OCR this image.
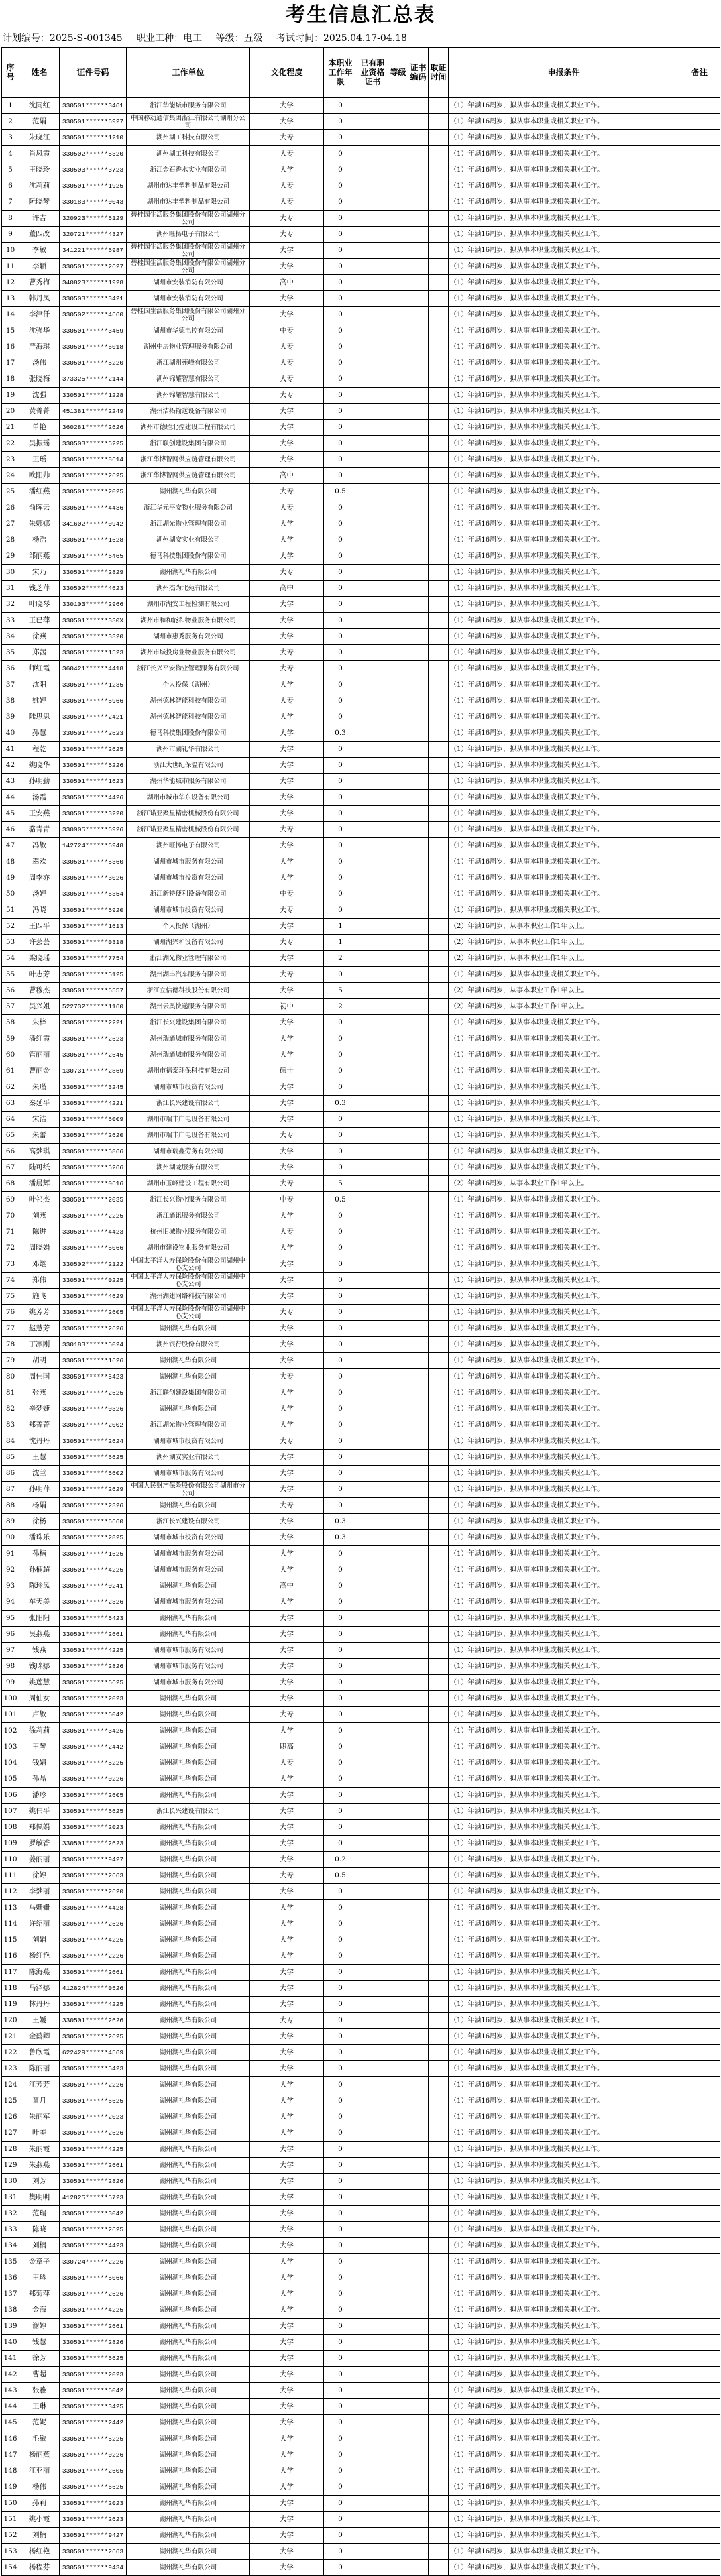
考生信息汇总表
计划编号：2025-S-001345 职业工种：电工 等级：五级 考试时间：2025.04.17-04.18
序号	姓名	证件号码	工作单位	文化程度	本职业工作年限	已有职业资格证书	等级	证书编码	取证时间	申报条件	备注
1	沈同红	330501******3461	浙江华能城市服务有限公司	大学	0					（1）年满16周岁，拟从事本职业或相关职业工作。	
2	范娟	330501******6927	中国移动通信集团浙江有限公司湖州分公司	大学	0					（1）年满16周岁，拟从事本职业或相关职业工作。	
3	朱晓江	330501******1210	湖州湖工科技有限公司	大专	0					（1）年满16周岁，拟从事本职业或相关职业工作。	
4	肖凤霞	330502******5320	湖州湖工科技有限公司	大专	0					（1）年满16周岁，拟从事本职业或相关职业工作。	
5	王晓玲	330503******3723	浙江金石香水实业有限公司	大学	0					（1）年满16周岁，拟从事本职业或相关职业工作。	
6	沈莉莉	330501******1925	湖州市达丰塑料制品有限公司	大专	0					（1）年满16周岁，拟从事本职业或相关职业工作。	
7	阮晓琴	330183******0043	湖州市达丰塑料制品有限公司	大专	0					（1）年满16周岁，拟从事本职业或相关职业工作。	
8	许吉	320923******5129	碧桂园生活服务集团股份有限公司湖州分公司	大专	0					（1）年满16周岁，拟从事本职业或相关职业工作。	
9	董四改	320721******4327	湖州旺扬电子有限公司	大专	0					（1）年满16周岁，拟从事本职业或相关职业工作。	
10	李敏	341221******6987	碧桂园生活服务集团股份有限公司湖州分公司	大学	0					（1）年满16周岁，拟从事本职业或相关职业工作。	
11	李颖	330501******2627	碧桂园生活服务集团股份有限公司湖州分公司	大学	0					（1）年满16周岁，拟从事本职业或相关职业工作。	
12	曹秀梅	340823******1928	湖州市安装消防有限公司	高中	0					（1）年满16周岁，拟从事本职业或相关职业工作。	
13	韩丹凤	330503******3421	湖州市安装消防有限公司	大学	0					（1）年满16周岁，拟从事本职业或相关职业工作。	
14	李津仟	330502******4660	碧桂园生活服务集团股份有限公司湖州分公司	大学	0					（1）年满16周岁，拟从事本职业或相关职业工作。	
15	沈强华	330501******3459	湖州市华德电控有限公司	中专	0					（1）年满16周岁，拟从事本职业或相关职业工作。	
16	严海琪	330501******6018	湖州中房物业管理服务有限公司	大专	0					（1）年满16周岁，拟从事本职业或相关职业工作。	
17	汤伟	330501******5220	浙江湖州苑峰有限公司	大专	0					（1）年满16周岁，拟从事本职业或相关职业工作。	
18	张晓梅	373325******2144	湖州锦耀智慧有限公司	大专	0					（1）年满16周岁，拟从事本职业或相关职业工作。	
19	沈强	330501******1228	湖州锦耀智慧有限公司	大专	0					（1）年满16周岁，拟从事本职业或相关职业工作。	
20	黄菁菁	451381******2249	湖州洁拓输送设备有限公司	大学	0					（1）年满16周岁，拟从事本职业或相关职业工作。	
21	单艳	360281******2626	湖州市德胜北控建设工程有限公司	大学	0					（1）年满16周岁，拟从事本职业或相关职业工作。	
22	吴振瑶	330503******6225	浙江联创建设集团有限公司	大学	0					（1）年满16周岁，拟从事本职业或相关职业工作。	
23	王瑶	330501******8614	浙江华博智网供应链管理有限公司	大学	0					（1）年满16周岁，拟从事本职业或相关职业工作。	
24	欧阳帅	330501******2625	浙江华博智网供应链管理有限公司	高中	0					（1）年满16周岁，拟从事本职业或相关职业工作。	
25	潘红燕	330501******2025	湖州湖礼华有限公司	大专	0.5					（1）年满16周岁，拟从事本职业或相关职业工作。	
26	俞晖云	330501******4436	浙江华元平安物业服务有限公司	大专	0					（1）年满16周岁，拟从事本职业或相关职业工作。	
27	朱娜娜	341602******0942	浙江湖光物业管理有限公司	大学	0					（1）年满16周岁，拟从事本职业或相关职业工作。	
28	杨浩	330501******1628	湖州湖安实业有限公司	大学	0					（1）年满16周岁，拟从事本职业或相关职业工作。	
29	邹丽燕	330501******6465	德马科技集团股份有限公司	大学	0					（1）年满16周岁，拟从事本职业或相关职业工作。	
30	宋乃	330501******2829	湖州湖礼华有限公司	大专	0					（1）年满16周岁，拟从事本职业或相关职业工作。	
31	钱芝萍	330502******4623	湖州杰为北苑有限公司	高中	0					（1）年满16周岁，拟从事本职业或相关职业工作。	
32	叶晓琴	330103******2966	湖州市湖安工程检测有限公司	大学	0					（1）年满16周岁，拟从事本职业或相关职业工作。	
33	王已萍	330501******330X	湖州市和和能和物业服务有限公司	大学	0					（1）年满16周岁，拟从事本职业或相关职业工作。	
34	徐燕	330501******3320	湖州市惠秀服务有限公司	大学	0					（1）年满16周岁，拟从事本职业或相关职业工作。	
35	郑茜	330501******1523	湖州市城投房业物业服务有限公司	大专	0					（1）年满16周岁，拟从事本职业或相关职业工作。	
36	师红霞	360421******4418	浙江长兴平安物业管理服务有限公司	大专	0					（1）年满16周岁，拟从事本职业或相关职业工作。	
37	沈阳	330501******1235	个人投保（湖州）	大学	0					（1）年满16周岁，拟从事本职业或相关职业工作。	
38	姚婷	330501******5966	湖州德林智能科技有限公司	大专	0					（1）年满16周岁，拟从事本职业或相关职业工作。	
39	陆思思	330501******2421	湖州德林智能科技有限公司	大学	0					（1）年满16周岁，拟从事本职业或相关职业工作。	
40	孙慧	330501******2623	德马科技集团股份有限公司	大学	0.3					（1）年满16周岁，拟从事本职业或相关职业工作。	
41	程乾	330501******2625	湖州市湖礼华有限公司	大学	0					（1）年满16周岁，拟从事本职业或相关职业工作。	
42	姚晓华	330501******5226	浙江大世纪保温有限公司	大学	0					（1）年满16周岁，拟从事本职业或相关职业工作。	
43	孙明勤	330501******1623	湖州华能城市服务有限公司	大学	0					（1）年满16周岁，拟从事本职业或相关职业工作。	
44	汤霞	330501******4426	湖州市城市华东设备有限公司	大学	0					（1）年满16周岁，拟从事本职业或相关职业工作。	
45	王安燕	330501******3220	浙江诺亚聚星精密机械股份有限公司	大学	0					（1）年满16周岁，拟从事本职业或相关职业工作。	
46	骆青青	330905******6926	浙江诺亚聚星精密机械股份有限公司	大专	0					（1）年满16周岁，拟从事本职业或相关职业工作。	
47	冯敏	142724******6948	湖州旺扬电子有限公司	大学	0					（1）年满16周岁，拟从事本职业或相关职业工作。	
48	翠欢	330501******5360	湖州市城市服务有限公司	大学	0					（1）年满16周岁，拟从事本职业或相关职业工作。	
49	周李亦	330501******3026	湖州市城市投资有限公司	大学	0					（1）年满16周岁，拟从事本职业或相关职业工作。	
50	汤婷	330501******6354	浙江新特便利设备有限公司	中专	0					（1）年满16周岁，拟从事本职业或相关职业工作。	
51	冯晓	330501******6920	湖州市城市投资有限公司	大专	0					（1）年满16周岁，拟从事本职业或相关职业工作。	
52	王四平	330501******1613	个人投保（湖州）	大学	1					（2）年满16周岁，从事本职业工作1年以上。	
53	许芸芸	330501******0318	湖州湖兴和设备有限公司	大专	1					（2）年满16周岁，从事本职业工作1年以上。	
54	梁晓瑶	330501******7754	浙江湖光物业管理有限公司	大学	2					（2）年满16周岁，从事本职业工作1年以上。	
55	叶志芳	330501******5125	湖州湖丰汽车服务有限公司	大专	0					（1）年满16周岁，拟从事本职业或相关职业工作。	
56	曹穆杰	330501******6557	浙江立信德科技股份有限公司	大学	5					（2）年满16周岁，从事本职业工作1年以上。	
57	吴兴姐	522732******1160	湖州云奥快递服务有限公司	初中	2					（2）年满16周岁，从事本职业工作1年以上。	
58	朱梓	330501******2221	浙江长兴建设集团有限公司	大学	0					（1）年满16周岁，拟从事本职业或相关职业工作。	
59	潘红霞	330501******2623	湖州瑞通城市服务有限公司	大学	0					（1）年满16周岁，拟从事本职业或相关职业工作。	
60	管丽丽	330501******2645	湖州瑞通城市服务有限公司	大学	0					（1）年满16周岁，拟从事本职业或相关职业工作。	
61	曹丽金	130731******2869	湖州市福泰环保科技有限公司	硕士	0					（1）年满16周岁，拟从事本职业或相关职业工作。	
62	朱瑾	330501******3245	湖州市城市投资有限公司	大学	0					（1）年满16周岁，拟从事本职业或相关职业工作。	
63	秦延平	330501******4221	浙江长兴建设有限公司	大学	0.3					（1）年满16周岁，拟从事本职业或相关职业工作。	
64	宋洁	330501******6009	湖州市瑞丰广电设备有限公司	大学	0					（1）年满16周岁，拟从事本职业或相关职业工作。	
65	朱蕾	330501******2620	湖州市瑞丰广电设备有限公司	大专	0					（1）年满16周岁，拟从事本职业或相关职业工作。	
66	高梦琪	330501******5866	湖州市瑞鑫劳务有限公司	大学	0					（1）年满16周岁，拟从事本职业或相关职业工作。	
67	陆可纸	330501******5266	湖州湖龙服务有限公司	大学	0					（1）年满16周岁，拟从事本职业或相关职业工作。	
68	潘晨辉	330501******0616	湖州市玉峰建设工程有限公司	大专	5					（2）年满16周岁，从事本职业工作1年以上。	
69	叶祁杰	330501******2035	浙江长兴物业服务有限公司	中专	0.5					（1）年满16周岁，拟从事本职业或相关职业工作。	
70	刘燕	330501******2225	浙江通讯服务有限公司	大学	0					（1）年满16周岁，拟从事本职业或相关职业工作。	
71	陈进	330501******4423	杭州旧城物业服务有限公司	大专	0					（1）年满16周岁，拟从事本职业或相关职业工作。	
72	周晓娟	330501******5066	湖州市建设物业服务有限公司	大学	0					（1）年满16周岁，拟从事本职业或相关职业工作。	
73	邓继	330502******2122	中国太平洋人寿保险股份有限公司湖州中心支公司	大学	0					（1）年满16周岁，拟从事本职业或相关职业工作。	
74	郑伟	330501******0225	中国太平洋人寿保险股份有限公司湖州中心支公司	大学	0					（1）年满16周岁，拟从事本职业或相关职业工作。	
75	施飞	330501******4629	湖州湖建网络科技有限公司	大学	0					（1）年满16周岁，拟从事本职业或相关职业工作。	
76	姚芳芳	330501******2605	中国太平洋人寿保险股份有限公司湖州中心支公司	大专	0					（1）年满16周岁，拟从事本职业或相关职业工作。	
77	赵慧芳	330501******2626	湖州湖礼华有限公司	大学	0					（1）年满16周岁，拟从事本职业或相关职业工作。	
78	丁凛刚	330183******5024	湖州银行股份有限公司	大学	0					（1）年满16周岁，拟从事本职业或相关职业工作。	
79	胡明	330501******1626	湖州湖礼华有限公司	大学	0					（1）年满16周岁，拟从事本职业或相关职业工作。	
80	周伟国	330501******5423	湖州湖礼华有限公司	大专	0					（1）年满16周岁，拟从事本职业或相关职业工作。	
81	张燕	330501******2625	浙江联创建设集团有限公司	大学	0					（1）年满16周岁，拟从事本职业或相关职业工作。	
82	辛梦婕	330501******0326	湖州湖礼华有限公司	大学	0					（1）年满16周岁，拟从事本职业或相关职业工作。	
83	郑菁菁	330501******2002	浙江湖光物业管理有限公司	大学	0					（1）年满16周岁，拟从事本职业或相关职业工作。	
84	沈丹丹	330501******2624	湖州市城市投资有限公司	大专	0					（1）年满16周岁，拟从事本职业或相关职业工作。	
85	王慧	330501******6625	湖州湖安实业有限公司	大学	0					（1）年满16周岁，拟从事本职业或相关职业工作。	
86	沈兰	330501******5602	湖州市城市服务有限公司	大学	0					（1）年满16周岁，拟从事本职业或相关职业工作。	
87	孙明萍	330501******2629	中国人民财产保险股份有限公司湖州市分公司	大学	0					（1）年满16周岁，拟从事本职业或相关职业工作。	
88	杨娟	330501******2326	湖州湖礼华有限公司	大专	0					（1）年满16周岁，拟从事本职业或相关职业工作。	
89	徐杨	330501******6660	浙江长兴建设有限公司	大学	0.3					（1）年满16周岁，拟从事本职业或相关职业工作。	
90	潘珠乐	330501******2825	湖州市城市投资有限公司	大学	0.3					（1）年满16周岁，拟从事本职业或相关职业工作。	
91	孙楠	330501******1625	湖州市城市服务有限公司	大学	0					（1）年满16周岁，拟从事本职业或相关职业工作。	
92	孙楠超	330501******4225	湖州市城市服务有限公司	大学	0					（1）年满16周岁，拟从事本职业或相关职业工作。	
93	陈玲凤	330501******0241	湖州湖礼华有限公司	高中	0					（1）年满16周岁，拟从事本职业或相关职业工作。	
94	车天美	330501******2326	湖州市城市服务有限公司	大学	0					（1）年满16周岁，拟从事本职业或相关职业工作。	
95	张阳阳	330501******5423	湖州湖礼华有限公司	大学	0					（1）年满16周岁，拟从事本职业或相关职业工作。	
96	吴燕燕	330501******2661	湖州湖礼华有限公司	大学	0					（1）年满16周岁，拟从事本职业或相关职业工作。	
97	钱燕	330501******4225	湖州市城市服务有限公司	大学	0					（1）年满16周岁，拟从事本职业或相关职业工作。	
98	钱咪娜	330501******2826	湖州市城市服务有限公司	大学	0					（1）年满16周岁，拟从事本职业或相关职业工作。	
99	姚莲慧	330501******6625	湖州市城市服务有限公司	大学	0					（1）年满16周岁，拟从事本职业或相关职业工作。	
100	周仙女	330501******2023	湖州湖礼华有限公司	大学	0					（1）年满16周岁，拟从事本职业或相关职业工作。	
101	卢敏	330501******6042	湖州湖礼华有限公司	大专	0					（1）年满16周岁，拟从事本职业或相关职业工作。	
102	徐莉莉	330501******3425	湖州湖礼华有限公司	大学	0					（1）年满16周岁，拟从事本职业或相关职业工作。	
103	王琴	330501******2442	湖州湖礼华有限公司	职高	0					（1）年满16周岁，拟从事本职业或相关职业工作。	
104	钱婧	330501******5225	湖州湖礼华有限公司	大专	0					（1）年满16周岁，拟从事本职业或相关职业工作。	
105	孙晶	330501******0226	湖州湖礼华有限公司	大学	0					（1）年满16周岁，拟从事本职业或相关职业工作。	
106	潘珍	330501******2605	湖州湖礼华有限公司	大学	0					（1）年满16周岁，拟从事本职业或相关职业工作。	
107	姚伟平	330501******6625	浙江长兴建设有限公司	大学	0					（1）年满16周岁，拟从事本职业或相关职业工作。	
108	郑佩娟	330501******2023	湖州湖礼华有限公司	大学	0					（1）年满16周岁，拟从事本职业或相关职业工作。	
109	罗敏香	330501******2623	湖州湖礼华有限公司	大学	0					（1）年满16周岁，拟从事本职业或相关职业工作。	
110	姜丽丽	330501******9427	湖州湖礼华有限公司	大学	0.2					（1）年满16周岁，拟从事本职业或相关职业工作。	
111	徐婷	330501******2663	湖州湖礼华有限公司	大专	0.5					（1）年满16周岁，拟从事本职业或相关职业工作。	
112	李梦丽	330501******2620	湖州湖礼华有限公司	大学	0					（1）年满16周岁，拟从事本职业或相关职业工作。	
113	马姗姗	330501******4428	湖州湖礼华有限公司	大学	0					（1）年满16周岁，拟从事本职业或相关职业工作。	
114	许绍丽	330501******2626	湖州湖礼华有限公司	大学	0					（1）年满16周岁，拟从事本职业或相关职业工作。	
115	刘娟	330501******4225	湖州湖礼华有限公司	大学	0					（1）年满16周岁，拟从事本职业或相关职业工作。	
116	杨红艳	330501******2226	湖州湖礼华有限公司	大学	0					（1）年满16周岁，拟从事本职业或相关职业工作。	
117	陈海燕	330501******2661	湖州湖礼华有限公司	大学	0					（1）年满16周岁，拟从事本职业或相关职业工作。	
118	马泽娜	412824******0526	湖州湖礼华有限公司	大学	0					（1）年满16周岁，拟从事本职业或相关职业工作。	
119	林丹丹	330501******4225	湖州湖礼华有限公司	大学	0					（1）年满16周岁，拟从事本职业或相关职业工作。	
120	王媛	330501******2626	湖州湖礼华有限公司	大专	0					（1）年满16周岁，拟从事本职业或相关职业工作。	
121	金鹤卿	330501******2625	湖州湖礼华有限公司	大学	0					（1）年满16周岁，拟从事本职业或相关职业工作。	
122	鲁欣霞	622429******4569	湖州湖礼华有限公司	大学	0					（1）年满16周岁，拟从事本职业或相关职业工作。	
123	陈丽丽	330501******5423	湖州湖礼华有限公司	大学	0					（1）年满16周岁，拟从事本职业或相关职业工作。	
124	江芳芳	330501******2226	湖州湖礼华有限公司	大学	0					（1）年满16周岁，拟从事本职业或相关职业工作。	
125	童月	330501******6625	湖州湖礼华有限公司	大学	0					（1）年满16周岁，拟从事本职业或相关职业工作。	
126	朱丽军	330501******2023	湖州湖礼华有限公司	大学	0					（1）年满16周岁，拟从事本职业或相关职业工作。	
127	叶美	330501******2626	湖州湖礼华有限公司	大学	0					（1）年满16周岁，拟从事本职业或相关职业工作。	
128	朱丽霞	330501******4225	湖州湖礼华有限公司	大学	0					（1）年满16周岁，拟从事本职业或相关职业工作。	
129	朱燕燕	330501******2661	湖州湖礼华有限公司	大学	0					（1）年满16周岁，拟从事本职业或相关职业工作。	
130	刘芳	330501******2826	湖州湖礼华有限公司	大学	0					（1）年满16周岁，拟从事本职业或相关职业工作。	
131	樊明明	412825******5723	湖州湖礼华有限公司	大学	0					（1）年满16周岁，拟从事本职业或相关职业工作。	
132	范瑞	330501******3042	湖州湖礼华有限公司	大学	0					（1）年满16周岁，拟从事本职业或相关职业工作。	
133	陈晓	330501******2625	湖州湖礼华有限公司	大学	0					（1）年满16周岁，拟从事本职业或相关职业工作。	
134	刘楠	330501******4423	湖州湖礼华有限公司	大学	0					（1）年满16周岁，拟从事本职业或相关职业工作。	
135	金章子	330724******2226	湖州湖礼华有限公司	大学	0					（1）年满16周岁，拟从事本职业或相关职业工作。	
136	王珍	330501******5066	湖州湖礼华有限公司	大学	0					（1）年满16周岁，拟从事本职业或相关职业工作。	
137	郑菊萍	330501******2626	湖州湖礼华有限公司	大学	0					（1）年满16周岁，拟从事本职业或相关职业工作。	
138	金海	330501******4225	湖州湖礼华有限公司	大学	0					（1）年满16周岁，拟从事本职业或相关职业工作。	
139	谢婷	330501******2661	湖州湖礼华有限公司	大学	0					（1）年满16周岁，拟从事本职业或相关职业工作。	
140	钱慧	330501******2826	湖州湖礼华有限公司	大学	0					（1）年满16周岁，拟从事本职业或相关职业工作。	
141	徐芳	330501******6625	湖州湖礼华有限公司	大学	0					（1）年满16周岁，拟从事本职业或相关职业工作。	
142	曹超	330501******2023	湖州湖礼华有限公司	大学	0					（1）年满16周岁，拟从事本职业或相关职业工作。	
143	张雅	330501******6042	湖州湖礼华有限公司	大学	0					（1）年满16周岁，拟从事本职业或相关职业工作。	
144	王琳	330501******3425	湖州湖礼华有限公司	大学	0					（1）年满16周岁，拟从事本职业或相关职业工作。	
145	范妮	330501******2442	湖州湖礼华有限公司	大学	0					（1）年满16周岁，拟从事本职业或相关职业工作。	
146	毛敏	330501******5225	湖州湖礼华有限公司	大学	0					（1）年满16周岁，拟从事本职业或相关职业工作。	
147	杨丽燕	330501******0226	湖州湖礼华有限公司	大学	0					（1）年满16周岁，拟从事本职业或相关职业工作。	
148	江亚丽	330501******2605	湖州湖礼华有限公司	大学	0					（1）年满16周岁，拟从事本职业或相关职业工作。	
149	杨伟	330501******6625	湖州湖礼华有限公司	大学	0					（1）年满16周岁，拟从事本职业或相关职业工作。	
150	孙莉	330501******2023	湖州湖礼华有限公司	大学	0					（1）年满16周岁，拟从事本职业或相关职业工作。	
151	姚小霞	330501******2623	湖州湖礼华有限公司	大学	0					（1）年满16周岁，拟从事本职业或相关职业工作。	
152	刘楠	330501******9427	湖州湖礼华有限公司	大学	0					（1）年满16周岁，拟从事本职业或相关职业工作。	
153	杨红艳	330501******2663	湖州湖礼华有限公司	大学	0					（1）年满16周岁，拟从事本职业或相关职业工作。	
154	杨程芬	330501******9434	湖州湖礼华有限公司	大学	0					（1）年满16周岁，拟从事本职业或相关职业工作。	
